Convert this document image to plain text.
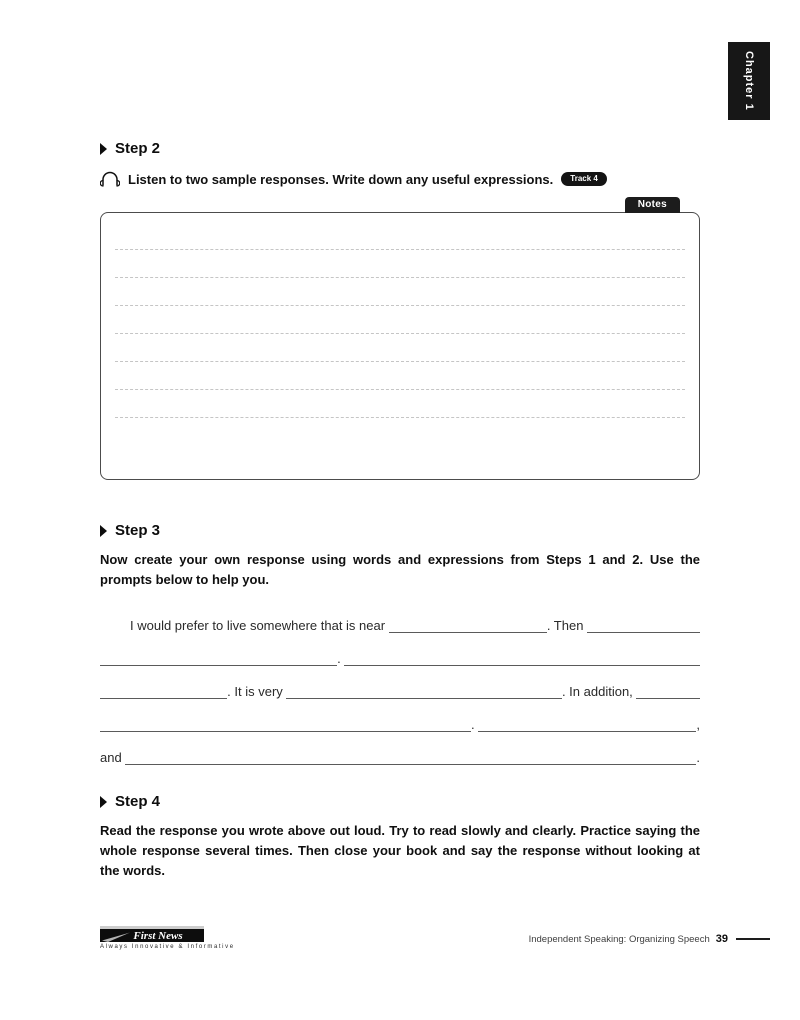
Chapter 1
Step 2
Listen to two sample responses. Write down any useful expressions.	Track 4
Notes
Step 3

Now create your own response using words and expressions from Steps 1 and 2. Use the prompts below to help you.

I would prefer to live somewhere that is near	. Then
.
. It is very	. In addition,
.	,
and	.
Step 4

Read the response you wrote above out loud. Try to read slowly and clearly. Practice saying the whole response several times. Then close your book and say the response without looking at the words.

First News
Always Innovative & Informative
Independent Speaking: Organizing Speech 39
